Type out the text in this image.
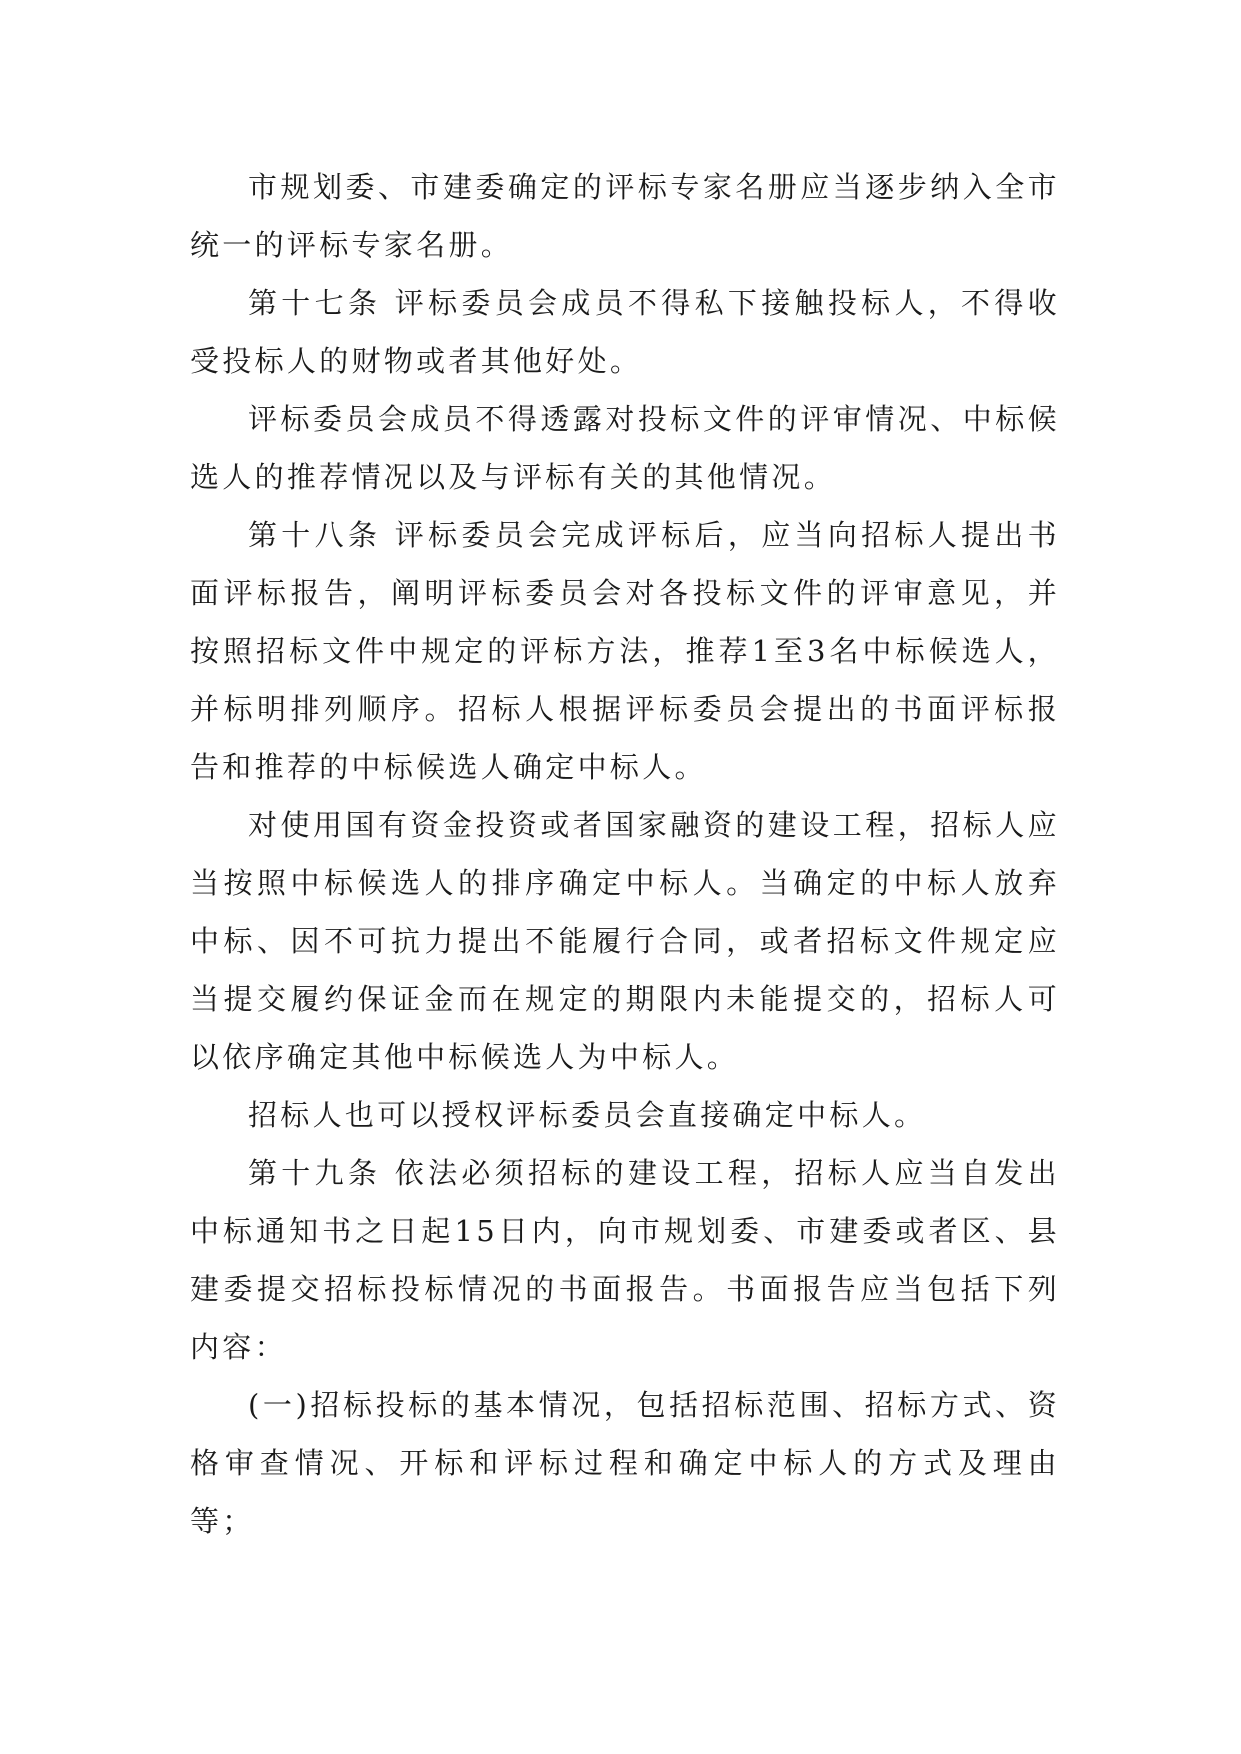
市规划委、市建委确定的评标专家名册应当逐步纳入全市统一的评标专家名册。

第十七条 评标委员会成员不得私下接触投标人，不得收受投标人的财物或者其他好处。

评标委员会成员不得透露对投标文件的评审情况、中标候选人的推荐情况以及与评标有关的其他情况。

第十八条 评标委员会完成评标后，应当向招标人提出书面评标报告，阐明评标委员会对各投标文件的评审意见，并按照招标文件中规定的评标方法，推荐1至3名中标候选人，并标明排列顺序。招标人根据评标委员会提出的书面评标报告和推荐的中标候选人确定中标人。

对使用国有资金投资或者国家融资的建设工程，招标人应当按照中标候选人的排序确定中标人。当确定的中标人放弃中标、因不可抗力提出不能履行合同，或者招标文件规定应当提交履约保证金而在规定的期限内未能提交的，招标人可以依序确定其他中标候选人为中标人。

招标人也可以授权评标委员会直接确定中标人。

第十九条 依法必须招标的建设工程，招标人应当自发出中标通知书之日起15日内，向市规划委、市建委或者区、县建委提交招标投标情况的书面报告。书面报告应当包括下列内容：

(一)招标投标的基本情况，包括招标范围、招标方式、资格审查情况、开标和评标过程和确定中标人的方式及理由等；
